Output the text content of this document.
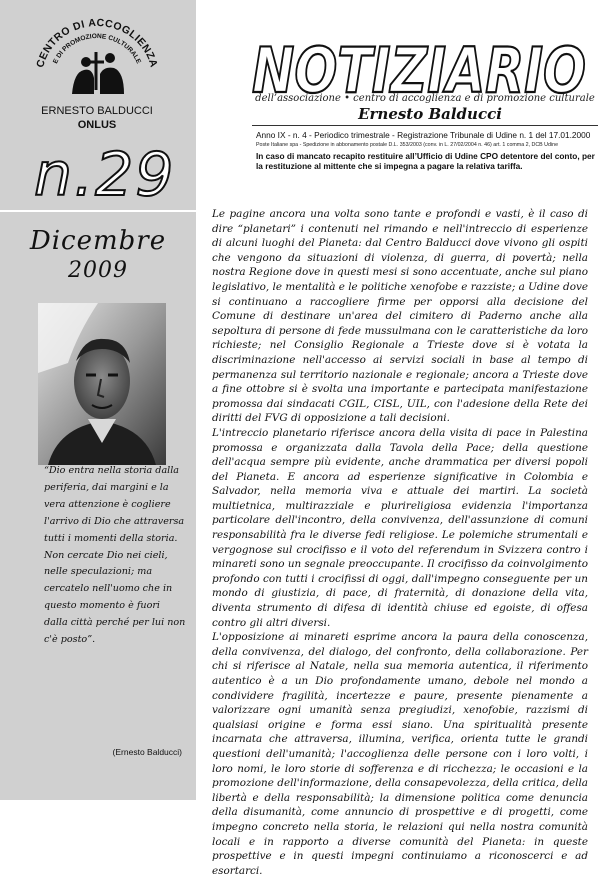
CENTRO DI ACCOGLIENZA
E DI PROMOZIONE CULTURALE
ERNESTO BALDUCCI
ONLUS
n.29
Dicembre
2009
“Dio entra nella storia dalla periferia, dai margini e la vera attenzione è cogliere l'arrivo di Dio che attraversa tutti i momenti della storia. Non cercate Dio nei cieli, nelle speculazioni; ma cercatelo nell'uomo che in questo momento è fuori dalla città perché per lui non c'è posto”.
(Ernesto Balducci)
NOTIZIARIO
dell’associazione • centro di accoglienza e di promozione culturale
Ernesto Balducci
Anno IX - n. 4 - Periodico trimestrale - Registrazione Tribunale di Udine n. 1 del 17.01.2000
Poste Italiane spa - Spedizione in abbonamento postale D.L. 353/2003 (conv. in L. 27/02/2004 n. 46) art. 1 comma 2, DCB Udine
In caso di mancato recapito restituire all’Ufficio di Udine CPO detentore del conto, per la restituzione al mittente che si impegna a pagare la relativa tariffa.

Le pagine ancora una volta sono tante e profondi e vasti, è il caso di dire “planetari” i contenuti nel rimando e nell'intreccio di esperienze di alcuni luoghi del Pianeta: dal Centro Balducci dove vivono gli ospiti che vengono da situazioni di violenza, di guerra, di povertà; nella nostra Regione dove in questi mesi si sono accentuate, anche sul piano legislativo, le mentalità e le politiche xenofobe e razziste; a Udine dove si continuano a raccogliere firme per opporsi alla decisione del Comune di destinare un'area del cimitero di Paderno anche alla sepoltura di persone di fede mussulmana con le caratteristiche da loro richieste; nel Consiglio Regionale a Trieste dove si è votata la discriminazione nell'accesso ai servizi sociali in base al tempo di permanenza sul territorio nazionale e regionale; ancora a Trieste dove a fine ottobre si è svolta una importante e partecipata manifestazione promossa dai sindacati CGIL, CISL, UIL, con l'adesione della Rete dei diritti del FVG di opposizione a tali decisioni.

L'intreccio planetario riferisce ancora della visita di pace in Palestina promossa e organizzata dalla Tavola della Pace; della questione dell'acqua sempre più evidente, anche drammatica per diversi popoli del Pianeta. E ancora ad esperienze significative in Colombia e Salvador, nella memoria viva e attuale dei martiri. La società multietnica, multirazziale e plurireligiosa evidenzia l'importanza particolare dell'incontro, della convivenza, dell'assunzione di comuni responsabilità fra le diverse fedi religiose. Le polemiche strumentali e vergognose sul crocifisso e il voto del referendum in Svizzera contro i minareti sono un segnale preoccupante. Il crocifisso da coinvolgimento profondo con tutti i crocifissi di oggi, dall'impegno conseguente per un mondo di giustizia, di pace, di fraternità, di donazione della vita, diventa strumento di difesa di identità chiuse ed egoiste, di offesa contro gli altri diversi.

L'opposizione ai minareti esprime ancora la paura della conoscenza, della convivenza, del dialogo, del confronto, della collaborazione. Per chi si riferisce al Natale, nella sua memoria autentica, il riferimento autentico è a un Dio profondamente umano, debole nel mondo a condividere fragilità, incertezze e paure, presente pienamente a valorizzare ogni umanità senza pregiudizi, xenofobie, razzismi di qualsiasi origine e forma essi siano. Una spiritualità presente incarnata che attraversa, illumina, verifica, orienta tutte le grandi questioni dell'umanità; l'accoglienza delle persone con i loro volti, i loro nomi, le loro storie di sofferenza e di ricchezza; le occasioni e la promozione dell'informazione, della consapevolezza, della critica, della libertà e della responsabilità; la dimensione politica come denuncia della disumanità, come annuncio di prospettive e di progetti, come impegno concreto nella storia, le relazioni qui nella nostra comunità locali e in rapporto a diverse comunità del Pianeta: in queste prospettive e in questi impegni continuiamo a riconoscerci e ad esortarci.
